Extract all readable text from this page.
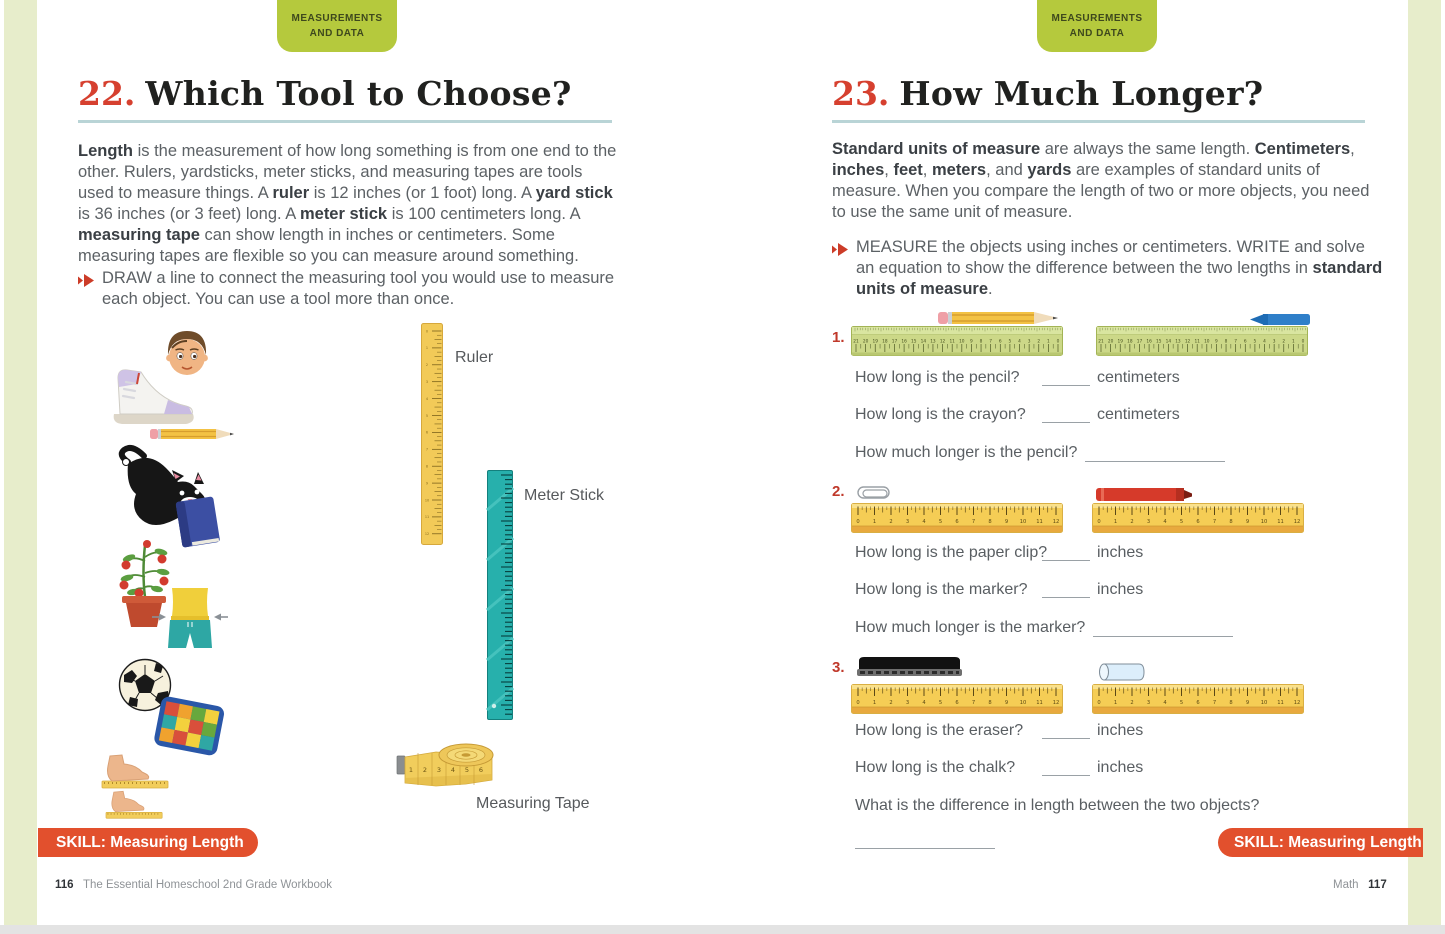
MEASUREMENTS
AND DATA
MEASUREMENTS
AND DATA
22. Which Tool to Choose?
Length is the measurement of how long something is from one end to the other. Rulers, yardsticks, meter sticks, and measuring tapes are tools used to measure things. A ruler is 12 inches (or 1 foot) long. A yard stick is 36 inches (or 3 feet) long. A meter stick is 100 centimeters long. A measuring tape can show length in inches or centimeters. Some measuring tapes are flexible so you can measure around something.
DRAW a line to connect the measuring tool you would use to measure each object. You can use a tool more than once.
0
1
2
3
4
5
6
7
8
9
10
11
12
Ruler
Meter Stick
1 2 3 4 5 6
Measuring Tape
SKILL: Measuring Length
116 The Essential Homeschool 2nd Grade Workbook
23. How Much Longer?
Standard units of measure are always the same length. Centimeters, inches, feet, meters, and yards are examples of standard units of measure. When you compare the length of two or more objects, you need to use the same unit of measure.
MEASURE the objects using inches or centimeters. WRITE and solve an equation to show the difference between the two lengths in standard units of measure.
1.	0
1
2
3
4
5
6
7
8
9
10
11
12
13
14
15
16
17
18
19
20
21	0
1
2
3
4
5
6
7
8
9
10
11
12
13
14
15
16
17
18
19
20
21
How long is the pencil?	centimeters
How long is the crayon?	centimeters
How much longer is the pencil?
2.
0	1	2	3	4	5	6	7	8	9 10 11 12	0	1	2	3	4	5	6	7	8	9 10 11 12
How long is the paper clip?	inches
How long is the marker?	inches
How much longer is the marker?
3.
0	1	2	3	4	5	6	7	8	9 10 11 12	0	1	2	3	4	5	6	7	8	9 10 11 12
How long is the eraser?	inches
How long is the chalk?	inches
What is the difference in length between the two objects?
SKILL: Measuring Length
Math 117
